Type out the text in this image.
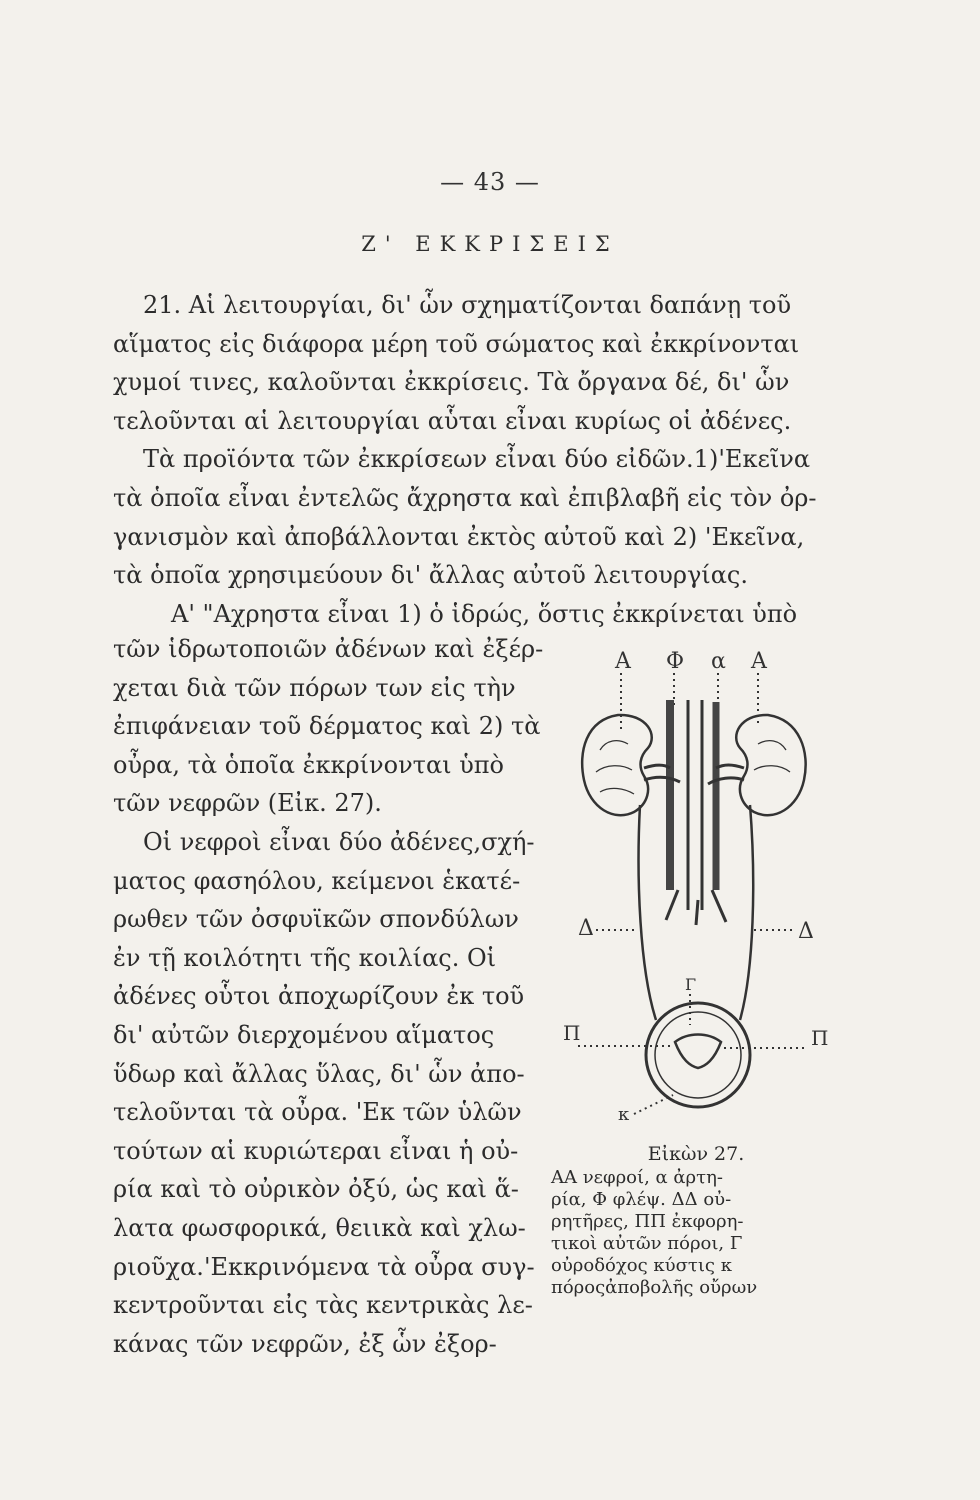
— 43 —
Ζ' ΕΚΚΡΙΣΕΙΣ
21. Αἱ λειτουργίαι, δι' ὧν σχηματίζονται δαπάνῃ τοῦ
αἵματος εἰς διάφορα μέρη τοῦ σώματος καὶ ἐκκρίνονται
χυμοί τινες, καλοῦνται ἐκκρίσεις. Τὰ ὄργανα δέ, δι' ὧν
τελοῦνται αἱ λειτουργίαι αὗται εἶναι κυρίως οἱ ἀδένες.
Τὰ προϊόντα τῶν ἐκκρίσεων εἶναι δύο εἰδῶν.1)'Εκεῖνα
τὰ ὁποῖα εἶναι ἐντελῶς ἄχρηστα καὶ ἐπιβλαβῆ εἰς τὸν ὀρ-
γανισμὸν καὶ ἀποβάλλονται ἐκτὸς αὐτοῦ καὶ 2) 'Εκεῖνα,
τὰ ὁποῖα χρησιμεύουν δι' ἄλλας αὐτοῦ λειτουργίας.
Α' "Αχρηστα εἶναι 1) ὁ ἱδρώς, ὅστις ἐκκρίνεται ὑπὸ
τῶν ἱδρωτοποιῶν ἀδένων καὶ ἐξέρ-
χεται διὰ τῶν πόρων των εἰς τὴν
ἐπιφάνειαν τοῦ δέρματος καὶ 2) τὰ
οὖρα, τὰ ὁποῖα ἐκκρίνονται ὑπὸ
τῶν νεφρῶν (Εἰκ. 27).
Οἱ νεφροὶ εἶναι δύο ἀδένες,σχή-
ματος φασηόλου, κείμενοι ἑκατέ-
ρωθεν τῶν ὀσφυϊκῶν σπονδύλων
ἐν τῇ κοιλότητι τῆς κοιλίας. Οἱ
ἀδένες οὗτοι ἀποχωρίζουν ἐκ τοῦ
δι' αὐτῶν διερχομένου αἵματος
ὕδωρ καὶ ἄλλας ὕλας, δι' ὧν ἀπο-
τελοῦνται τὰ οὖρα. 'Εκ τῶν ὑλῶν
τούτων αἱ κυριώτεραι εἶναι ἡ οὐ-
ρία καὶ τὸ οὐρικὸν ὀξύ, ὡς καὶ ἅ-
λατα φωσφορικά, θειικὰ καὶ χλω-
ριοῦχα.'Εκκρινόμενα τὰ οὖρα συγ-
κεντροῦνται εἰς τὰς κεντρικὰς λε-
κάνας τῶν νεφρῶν, ἐξ ὧν ἐξορ-
Α Φ α Α
Δ	Δ
Γ
Π	Π
κ
Εἰκὼν 27.
ΑΑ νεφροί, α ἀρτη-
ρία, Φ φλέψ. ΔΔ οὐ-
ρητῆρες, ΠΠ ἐκφορη-
τικοὶ αὐτῶν πόροι, Γ
οὐροδόχος κύστις κ
πόροςἀποβολῆς οὔρων
